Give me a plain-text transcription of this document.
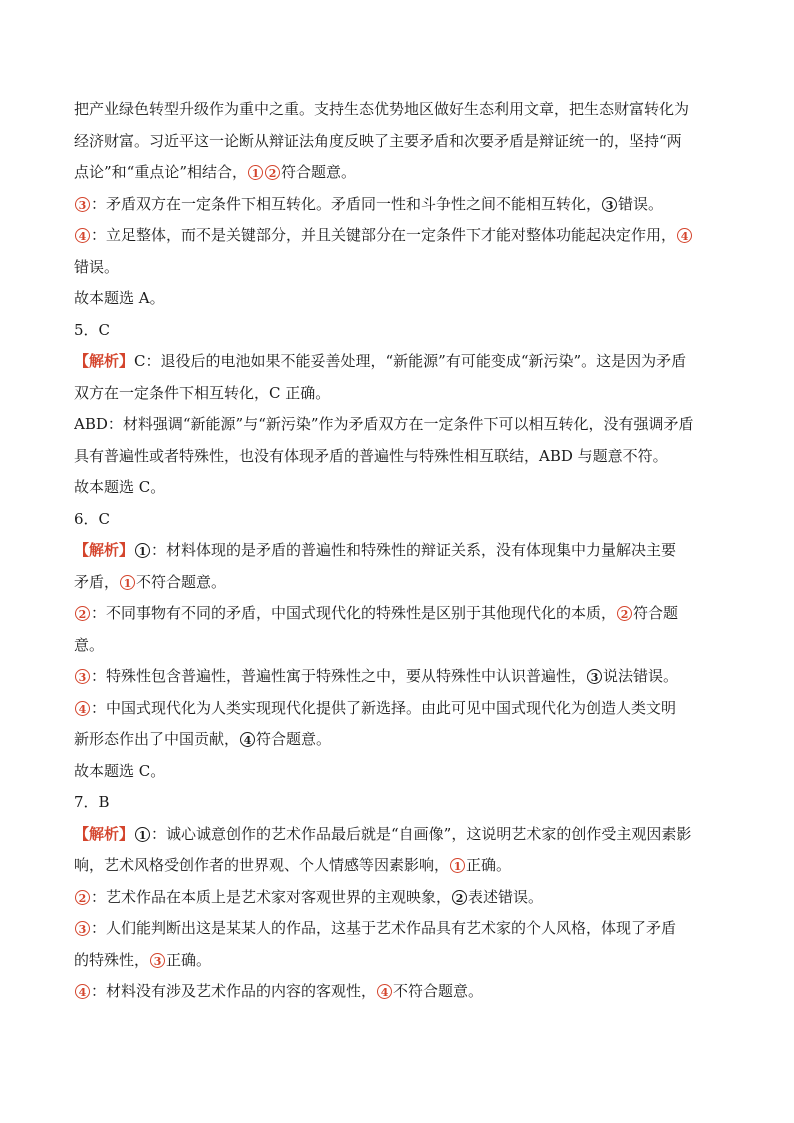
把产业绿色转型升级作为重中之重。支持生态优势地区做好生态利用文章，把生态财富转化为
经济财富。习近平这一论断从辩证法角度反映了主要矛盾和次要矛盾是辩证统一的，坚持“两
点论”和“重点论”相结合， 1 2 符合题意。
3 ：矛盾双方在一定条件下相互转化。矛盾同一性和斗争性之间不能相互转化， 3 错误。
4 ：立足整体，而不是关键部分，并且关键部分在一定条件下才能对整体功能起决定作用， 4
错误。
故本题选 A。
5．C
【解析】C：退役后的电池如果不能妥善处理，“新能源”有可能变成“新污染”。这是因为矛盾
双方在一定条件下相互转化，C 正确。
ABD：材料强调“新能源”与“新污染”作为矛盾双方在一定条件下可以相互转化，没有强调矛盾
具有普遍性或者特殊性，也没有体现矛盾的普遍性与特殊性相互联结，ABD 与题意不符。
故本题选 C。
6．C
【解析】 1 ：材料体现的是矛盾的普遍性和特殊性的辩证关系，没有体现集中力量解决主要
矛盾， 1 不符合题意。
2 ：不同事物有不同的矛盾，中国式现代化的特殊性是区别于其他现代化的本质， 2 符合题
意。
3 ：特殊性包含普遍性，普遍性寓于特殊性之中，要从特殊性中认识普遍性， 3 说法错误。
4 ：中国式现代化为人类实现现代化提供了新选择。由此可见中国式现代化为创造人类文明
新形态作出了中国贡献， 4 符合题意。
故本题选 C。
7．B
【解析】 1 ：诚心诚意创作的艺术作品最后就是“自画像”，这说明艺术家的创作受主观因素影
响，艺术风格受创作者的世界观、个人情感等因素影响， 1 正确。
2 ：艺术作品在本质上是艺术家对客观世界的主观映象， 2 表述错误。
3 ：人们能判断出这是某某人的作品，这基于艺术作品具有艺术家的个人风格，体现了矛盾
的特殊性， 3 正确。
4 ：材料没有涉及艺术作品的内容的客观性， 4 不符合题意。
